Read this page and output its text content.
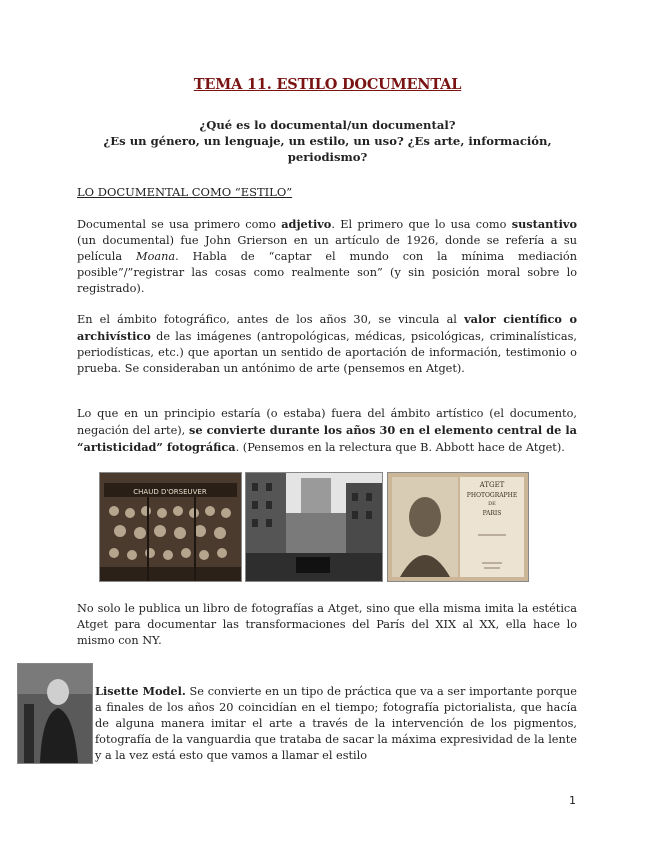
TEMA 11. ESTILO DOCUMENTAL
¿Qué es lo documental/un documental?
¿Es un género, un lenguaje, un estilo, un uso? ¿Es arte, información, periodismo?
LO DOCUMENTAL COMO “ESTILO”
Documental se usa primero como adjetivo. El primero que lo usa como sustantivo (un documental) fue John Grierson en un artículo de 1926, donde se refería a su película Moana. Habla de “captar el mundo con la mínima mediación posible”/”registrar las cosas como realmente son” (y sin posición moral sobre lo registrado).
En el ámbito fotográfico, antes de los años 30, se vincula al valor científico o archivístico de las imágenes (antropológicas, médicas, psicológicas, criminalísticas, periodísticas, etc.) que aportan un sentido de aportación de información, testimonio o prueba. Se consideraban un antónimo de arte (pensemos en Atget).
Lo que en un principio estaría (o estaba) fuera del ámbito artístico (el documento, negación del arte), se convierte durante los años 30 en el elemento central de la “artisticidad” fotográfica. (Pensemos en la relectura que B. Abbott hace de Atget).
CHAUD D'ORSEUVER
ATGET
PHOTOGRAPHE
DE
PARIS
No solo le publica un libro de fotografías a Atget, sino que ella misma imita la estética Atget para documentar las transformaciones del París del XIX al XX, ella hace lo mismo con NY.
Lisette Model. Se convierte en un tipo de práctica que va a ser importante porque a finales de los años 20 coincidían en el tiempo; fotografía pictorialista, que hacía de alguna manera imitar el arte a través de la intervención de los pigmentos, fotografía de la vanguardia que trataba de sacar la máxima expresividad de la lente y a la vez está esto que vamos a llamar el estilo
1
